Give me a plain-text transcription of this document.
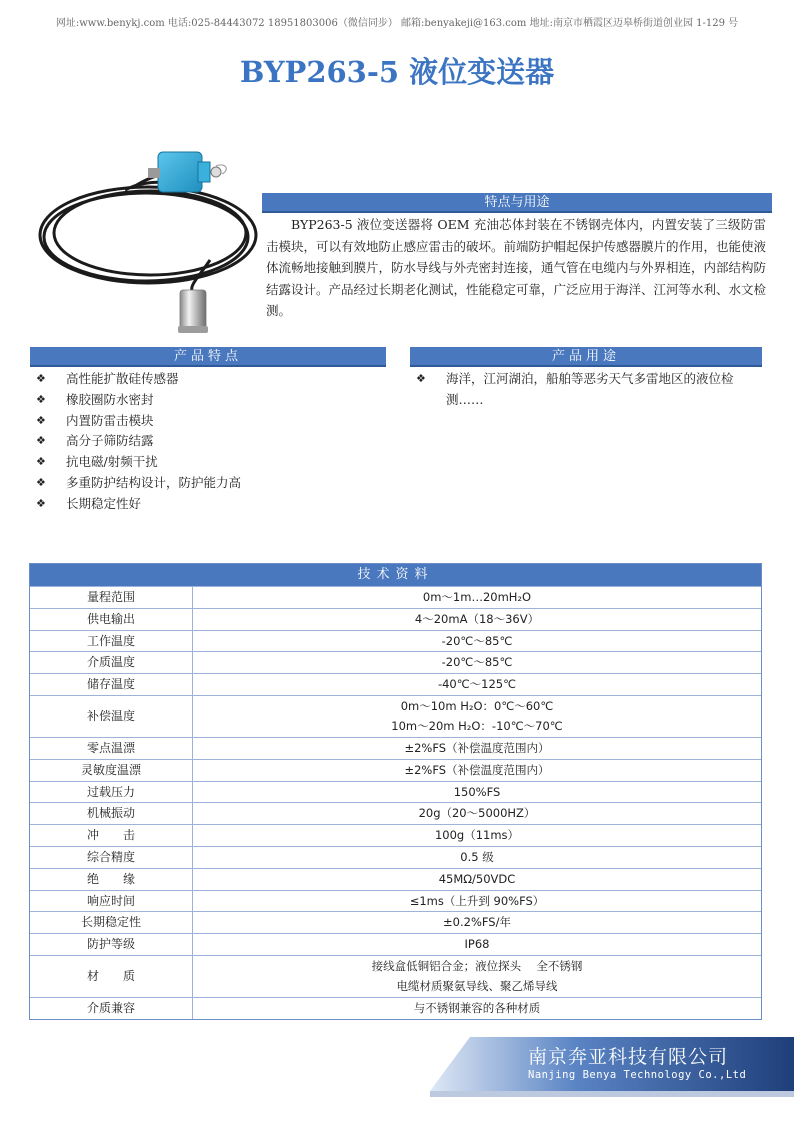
网址:www.benykj.com 电话:025-84443072 18951803006（微信同步） 邮箱:benyakeji@163.com 地址:南京市栖霞区迈皋桥街道创业园 1-129 号
BYP263-5 液位变送器
特点与用途
BYP263-5 液位变送器将 OEM 充油芯体封装在不锈钢壳体内，内置安装了三级防雷击模块，可以有效地防止感应雷击的破坏。前端防护帽起保护传感器膜片的作用，也能使液体流畅地接触到膜片，防水导线与外壳密封连接，通气管在电缆内与外界相连，内部结构防结露设计。产品经过长期老化测试，性能稳定可靠，广泛应用于海洋、江河等水利、水文检测。
产品特点
❖ 高性能扩散硅传感器
❖ 橡胶圈防水密封
❖ 内置防雷击模块
❖ 高分子筛防结露
❖ 抗电磁/射频干扰
❖ 多重防护结构设计，防护能力高
❖ 长期稳定性好
产品用途
❖ 海洋，江河湖泊，船舶等恶劣天气多雷地区的液位检测……
技术资料
量程范围	0m～1m…20mH₂O
供电输出	4～20mA（18～36V）
工作温度	-20℃～85℃
介质温度	-20℃～85℃
储存温度	-40℃～125℃
补偿温度	0m～10m H₂O：0℃～60℃
10m～20m H₂O：-10℃～70℃

零点温漂	±2%FS（补偿温度范围内）
灵敏度温漂	±2%FS（补偿温度范围内）
过载压力	150%FS
机械振动	20g（20～5000HZ）
冲　　击	100g（11ms）
综合精度	0.5 级
绝　　缘	45MΩ/50VDC
响应时间	≤1ms（上升到 90%FS）
长期稳定性	±0.2%FS/年
防护等级	IP68
材　　质	接线盒低铜铝合金；液位探头　 全不锈钢
电缆材质聚氨导线、聚乙烯导线

介质兼容	与不锈钢兼容的各种材质
南京奔亚科技有限公司
Nanjing Benya Technology Co.,Ltd
